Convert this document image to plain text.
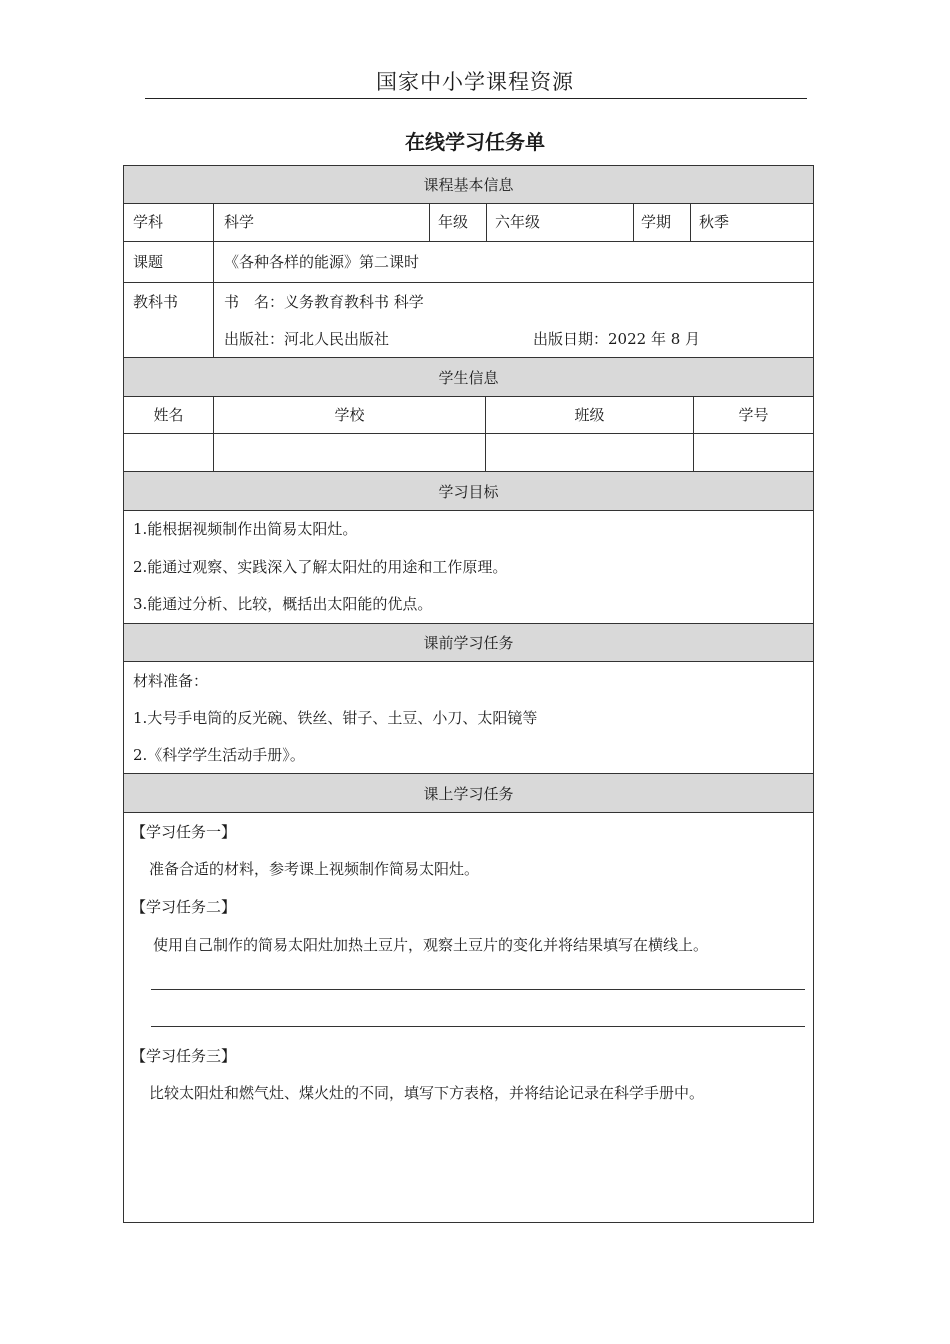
国家中小学课程资源
在线学习任务单
课程基本信息
学科	科学	年级 六年级	学期 秋季
课题	《各种各样的能源》第二课时
教科书	书　名：义务教育教科书 科学
出版社：河北人民出版社	出版日期：2022 年 8 月
学生信息
姓名	学校	班级	学号
学习目标
1.能根据视频制作出简易太阳灶。
2.能通过观察、实践深入了解太阳灶的用途和工作原理。
3.能通过分析、比较，概括出太阳能的优点。
课前学习任务
材料准备：
1.大号手电筒的反光碗、铁丝、钳子、土豆、小刀、太阳镜等
2.《科学学生活动手册》。
课上学习任务
【学习任务一】
准备合适的材料，参考课上视频制作简易太阳灶。
【学习任务二】
使用自己制作的简易太阳灶加热土豆片，观察土豆片的变化并将结果填写在横线上。
【学习任务三】
比较太阳灶和燃气灶、煤火灶的不同，填写下方表格，并将结论记录在科学手册中。
